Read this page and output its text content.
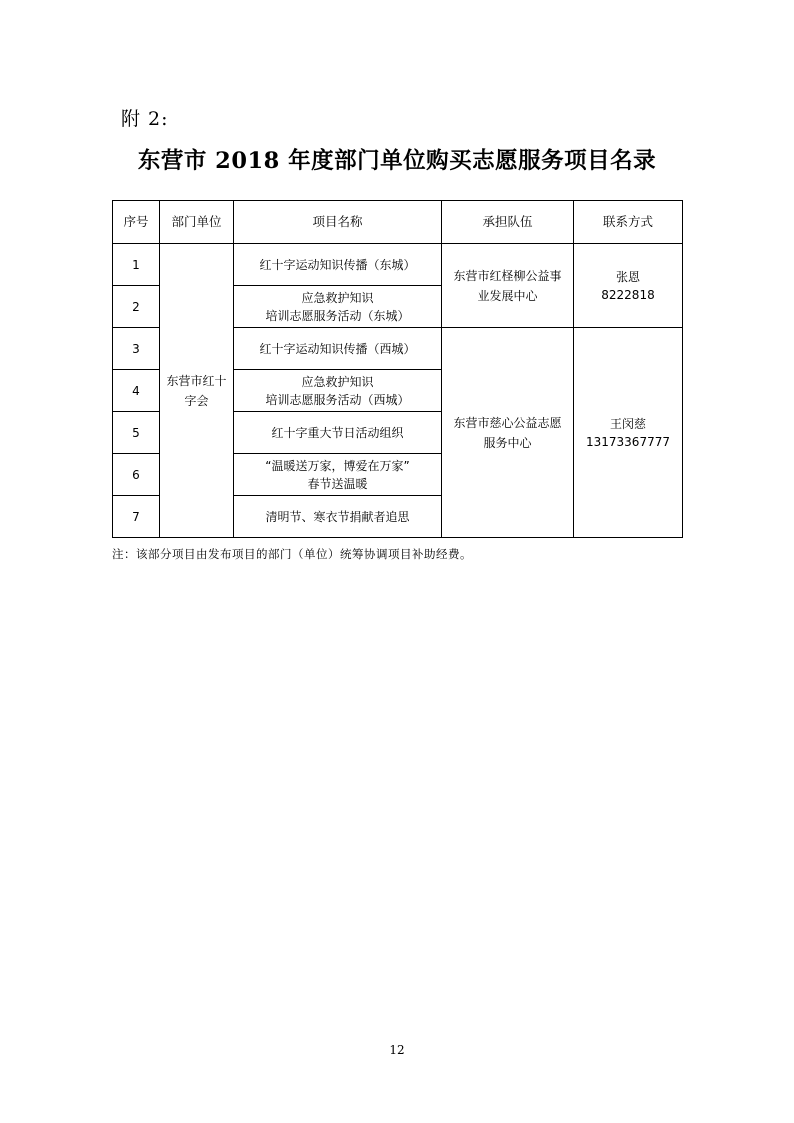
附 2:
东营市 2018 年度部门单位购买志愿服务项目名录
序号	部门单位	项目名称	承担队伍	联系方式
1	东营市红十字会	红十字运动知识传播（东城）	东营市红柽柳公益事业发展中心	张恩
8222818

2		应急救护知识
培训志愿服务活动（东城）		

3		红十字运动知识传播（西城）	东营市慈心公益志愿服务中心	王闵慈
13173367777

4		应急救护知识
培训志愿服务活动（西城）		

5		红十字重大节日活动组织		

6		“温暖送万家，博爱在万家”
春节送温暖		

7		清明节、寒衣节捐献者追思		
注：该部分项目由发布项目的部门（单位）统筹协调项目补助经费。
12
